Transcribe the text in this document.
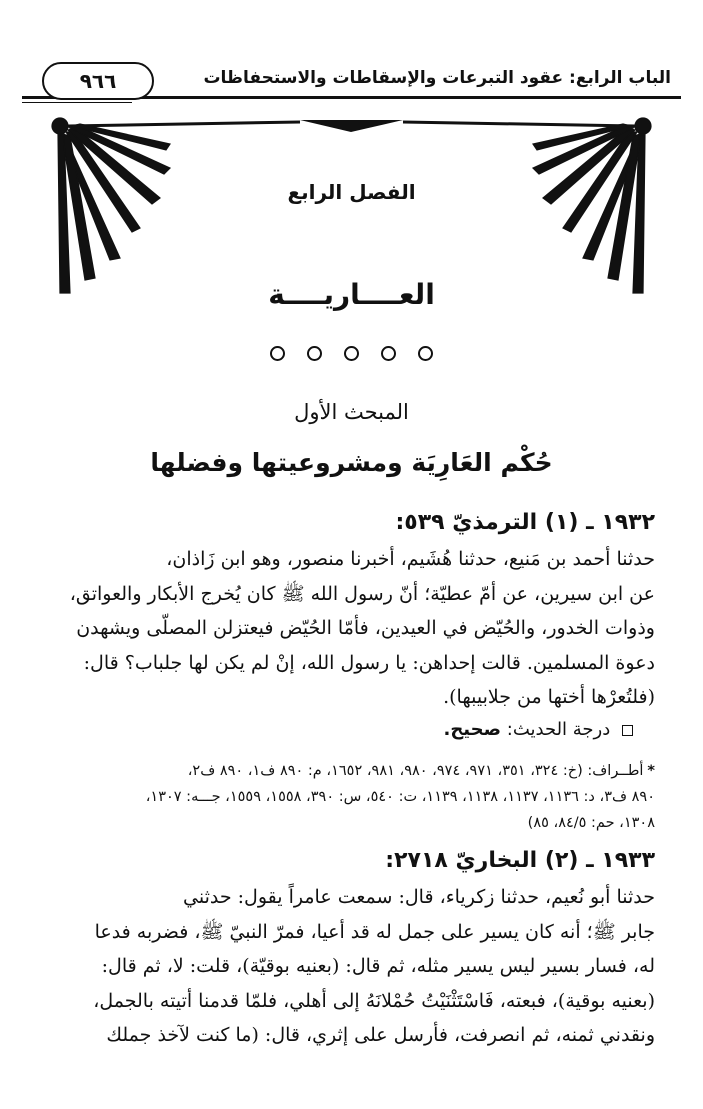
الباب الرابع: عقود التبرعات والإسقاطات والاستحفاظات
٩٦٦
الفصل الرابع
العــــاريــــة
المبحث الأول
حُكْم العَارِيَة ومشروعيتها وفضلها
١٩٣٢ ـ (١) الترمذيّ ٥٣٩:
حدثنا أحمد بن مَنيع، حدثنا هُشَيم، أخبرنا منصور، وهو ابن زَاذان،
عن ابن سيرين، عن أمّ عطيّة؛ أنّ رسول الله ﷺ كان يُخرج الأبكار والعواتق،
وذوات الخدور، والحُيّض في العيدين، فأمّا الحُيّض فيعتزلن المصلّى ويشهدن
دعوة المسلمين. قالت إحداهن: يا رسول الله، إنْ لم يكن لها جلباب؟ قال:
(فلتُعرْها أختها من جلابيبها).
درجة الحديث: صحيح.
*أطــراف: (خ: ٣٢٤، ٣٥١، ٩٧١، ٩٧٤، ٩٨٠، ٩٨١، ١٦٥٢، م: ٨٩٠ ف١، ٨٩٠ ف٢،
٨٩٠ ف٣، د: ١١٣٦، ١١٣٧، ١١٣٨، ١١٣٩، ت: ٥٤٠، س: ٣٩٠، ١٥٥٨، ١٥٥٩، جـــه: ١٣٠٧،
١٣٠٨، حم: ٨٤/٥، ٨٥)
١٩٣٣ ـ (٢) البخاريّ ٢٧١٨:
حدثنا أبو نُعيم، حدثنا زكرياء، قال: سمعت عامراً يقول: حدثني
جابر ﷺ؛ أنه كان يسير على جمل له قد أعيا، فمرّ النبيّ ﷺ، فضربه فدعا
له، فسار بسير ليس يسير مثله، ثم قال: (بعنيه بوقيّة)، قلت: لا، ثم قال:
(بعنيه بوقية)، فبعته، فَاسْتَثْنَيْتُ حُمْلانَهُ إلى أهلي، فلمّا قدمنا أتيته بالجمل،
ونقدني ثمنه، ثم انصرفت، فأرسل على إثري، قال: (ما كنت لآخذ جملك
